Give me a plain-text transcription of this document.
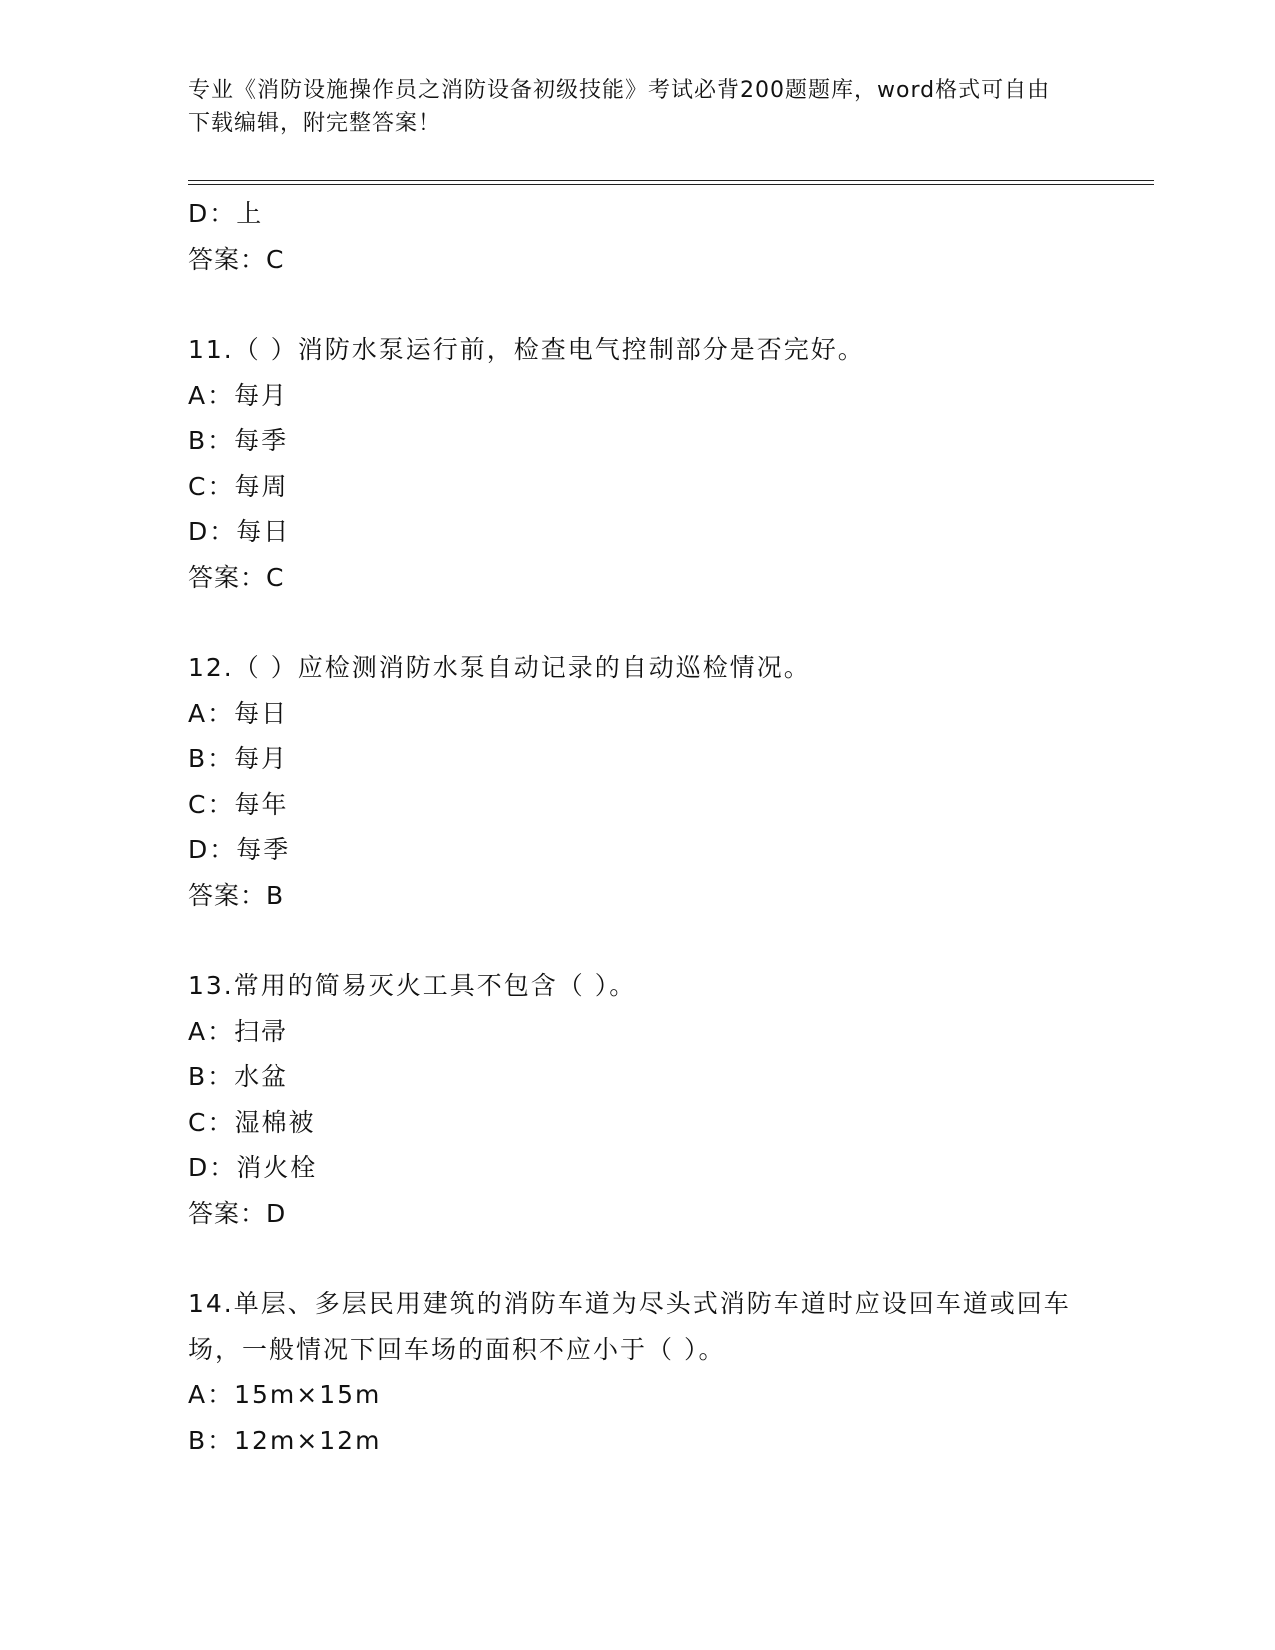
专业《消防设施操作员之消防设备初级技能》考试必背200题题库，word格式可自由下载编辑，附完整答案！
D：上
答案：C
11.（ ）消防水泵运行前，检查电气控制部分是否完好。
A：每月
B：每季
C：每周
D：每日
答案：C
12.（ ）应检测消防水泵自动记录的自动巡检情况。
A：每日
B：每月
C：每年
D：每季
答案：B
13.常用的简易灭火工具不包含（ ）。
A：扫帚
B：水盆
C：湿棉被
D：消火栓
答案：D
14.单层、多层民用建筑的消防车道为尽头式消防车道时应设回车道或回车场，一般情况下回车场的面积不应小于（ ）。
A：15m×15m
B：12m×12m
